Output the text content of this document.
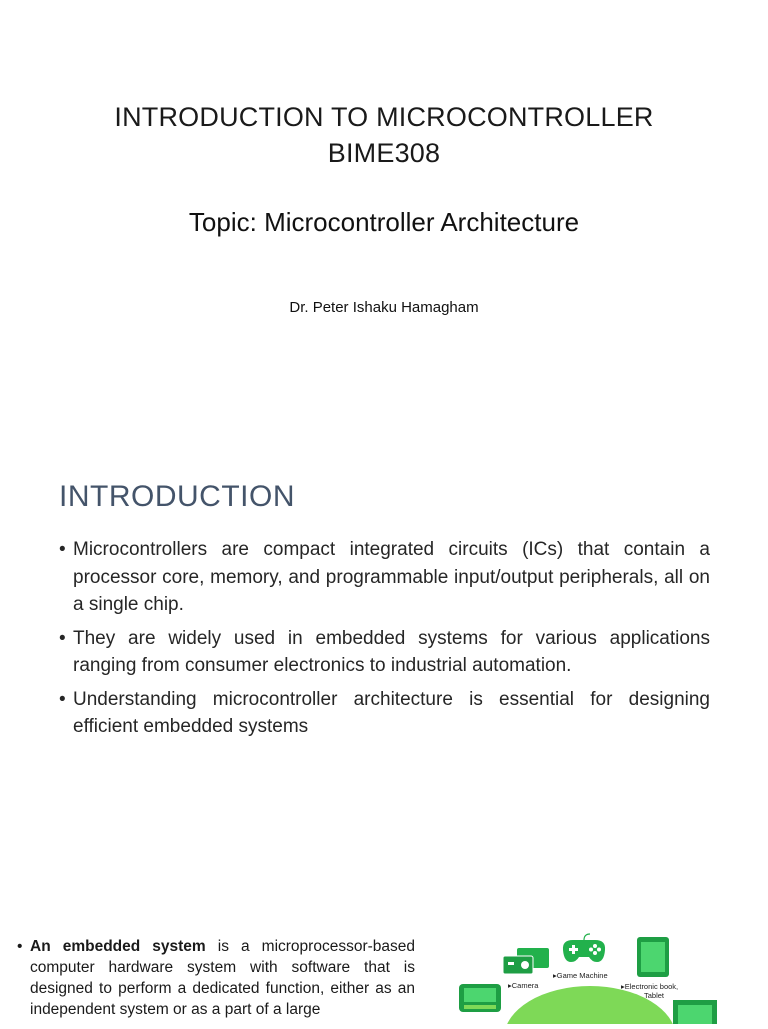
INTRODUCTION TO MICROCONTROLLER
BIME308
Topic: Microcontroller Architecture
Dr. Peter Ishaku Hamagham
INTRODUCTION
• Microcontrollers are compact integrated circuits (ICs) that contain a processor core, memory, and programmable input/output peripherals, all on a single chip.
• They are widely used in embedded systems for various applications ranging from consumer electronics to industrial automation.
• Understanding microcontroller architecture is essential for designing efficient embedded systems
• An embedded system is a microprocessor-based computer hardware system with software that is designed to perform a dedicated function, either as an independent system or as a part of a large
▸Camera
▸Game Machine
▸Electronic book,
Tablet
